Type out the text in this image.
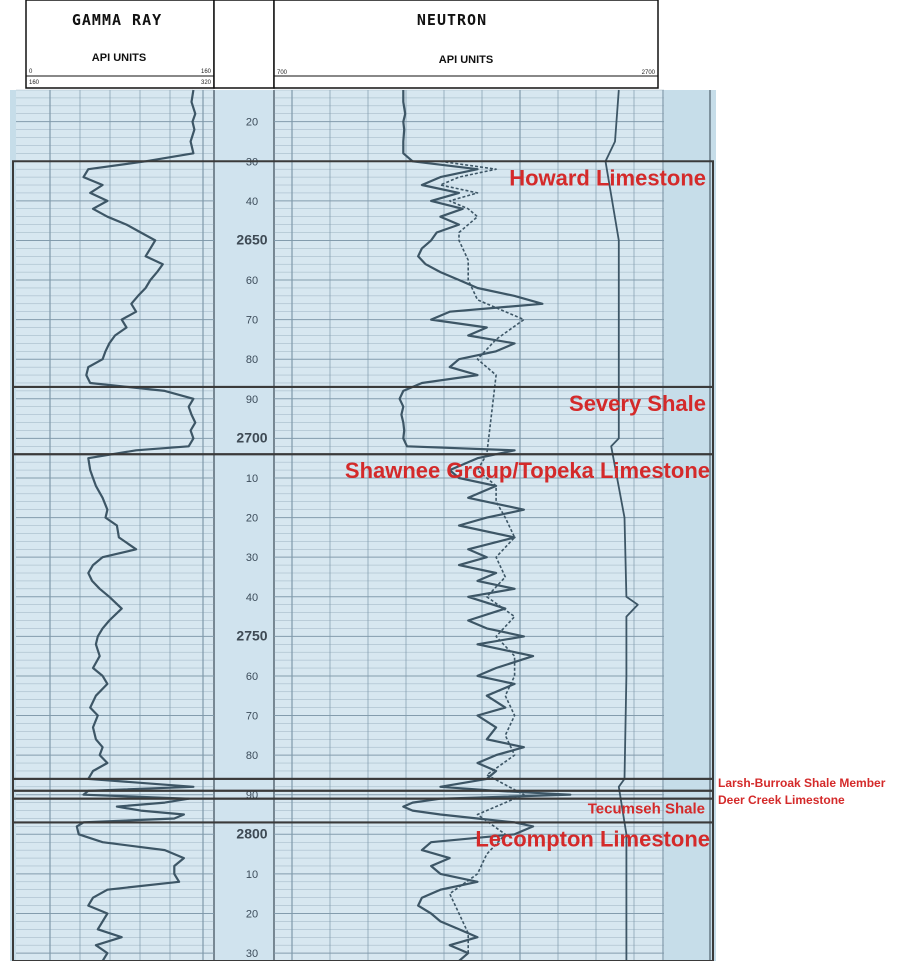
GAMMA RAY
API UNITS
0	160
160	320
NEUTRON
API UNITS
700	2700
20
30
40
2650
60
70
80
90
2700
10
20
30
40
2750
60
70
80
90
2800
10
20
30
Howard Limestone
Severy Shale
Shawnee Group/Topeka Limestone
Larsh-Burroak Shale Member
Deer Creek Limestone
Tecumseh Shale
Lecompton Limestone
